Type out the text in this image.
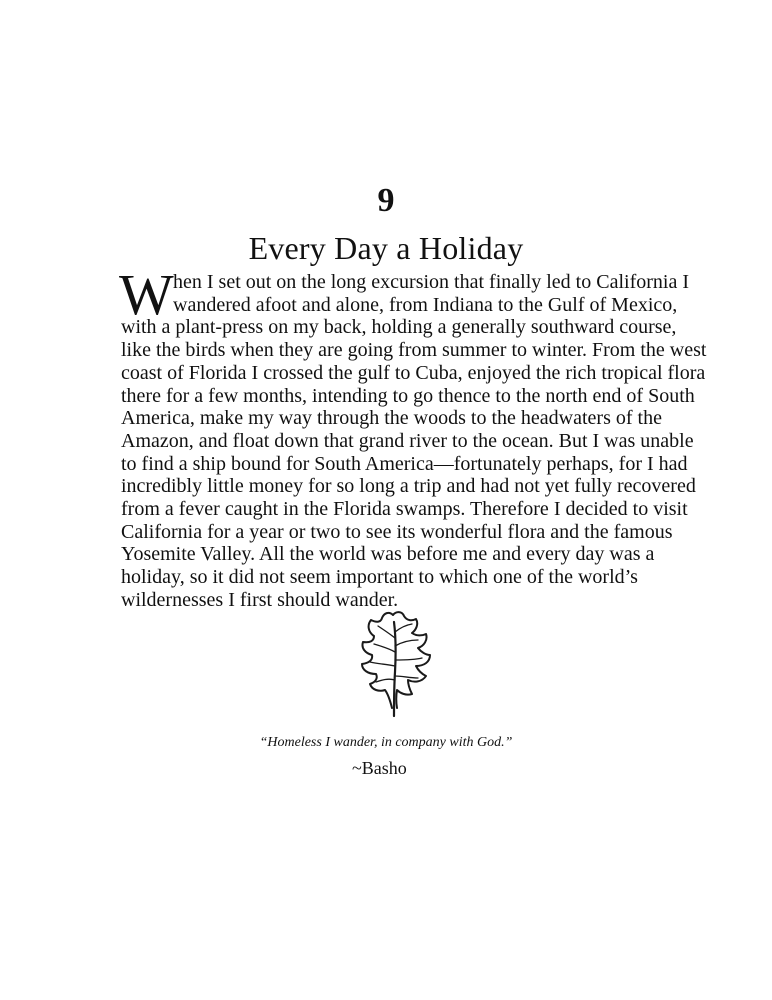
9
Every Day a Holiday
W hen I set out on the long excursion that finally led to California I
wandered afoot and alone, from Indiana to the Gulf of Mexico,
with a plant-press on my back, holding a generally southward course,
like the birds when they are going from summer to winter. From the west
coast of Florida I crossed the gulf to Cuba, enjoyed the rich tropical flora
there for a few months, intending to go thence to the north end of South
America, make my way through the woods to the headwaters of the
Amazon, and float down that grand river to the ocean. But I was unable
to find a ship bound for South America—fortunately perhaps, for I had
incredibly little money for so long a trip and had not yet fully recovered
from a fever caught in the Florida swamps. Therefore I decided to visit
California for a year or two to see its wonderful flora and the famous
Yosemite Valley. All the world was before me and every day was a
holiday, so it did not seem important to which one of the world’s
wildernesses I first should wander.
“Homeless I wander, in company with God.”
~Basho
